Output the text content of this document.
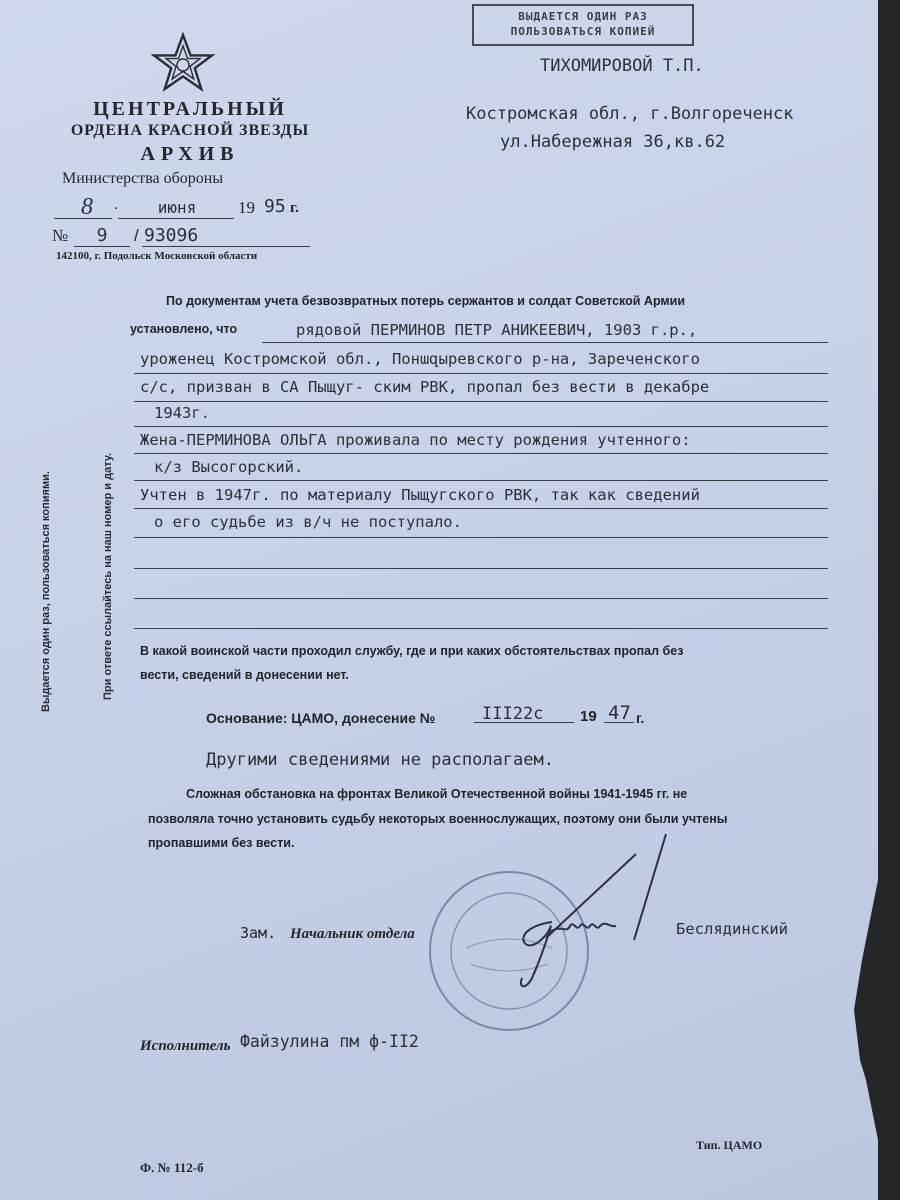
ВЫДАЕТСЯ ОДИН РАЗ
ПОЛЬЗОВАТЬСЯ КОПИЕЙ
ЦЕНТРАЛЬНЫЙ
ОРДЕНА КРАСНОЙ ЗВЕЗДЫ
АРХИВ
Министерства обороны
8	.	июня	19 95 г.
№	9	/ 93096
142100, г. Подольск Московской области
ТИХОМИРОВОЙ Т.П.
Костромская обл., г.Волгореченск
ул.Набережная 36,кв.62
Выдается один раз, пользоваться копиями.	При ответе ссылайтесь на наш номер и дату.
По документам учета безвозвратных потерь сержантов и солдат Советской Армии
установлено, что	рядовой ПЕРМИНОВ ПЕТР АНИКЕЕВИЧ, 1903 г.р.,
уроженец Костромской обл., Понազыревского р-на, Зареченского
с/с, призван в СА Пыщуг- ским РВК, пропал без вести в декабре
1943г.
Жена-ПЕРМИНОВА ОЛЬГА проживала по месту рождения учтенного:
к/з Высогорский.
Учтен в 1947г. по материалу Пыщугского РВК, так как сведений
о его судьбе из в/ч не поступало.
В какой воинской части проходил службу, где и при каких обстоятельствах пропал без
вести, сведений в донесении нет.
Основание: ЦАМО, донесение №	III22с 19 47 г.
Другими сведениями не располагаем.
Сложная обстановка на фронтах Великой Отечественной войны 1941-1945 гг. не
позволяла точно установить судьбу некоторых военнослужащих, поэтому они были учтены
пропавшими без вести.
Зам. Начальник отдела	Беслядинский
Исполнитель Файзулина пм ф-II2
Ф. № 112-б
Тип. ЦАМО
